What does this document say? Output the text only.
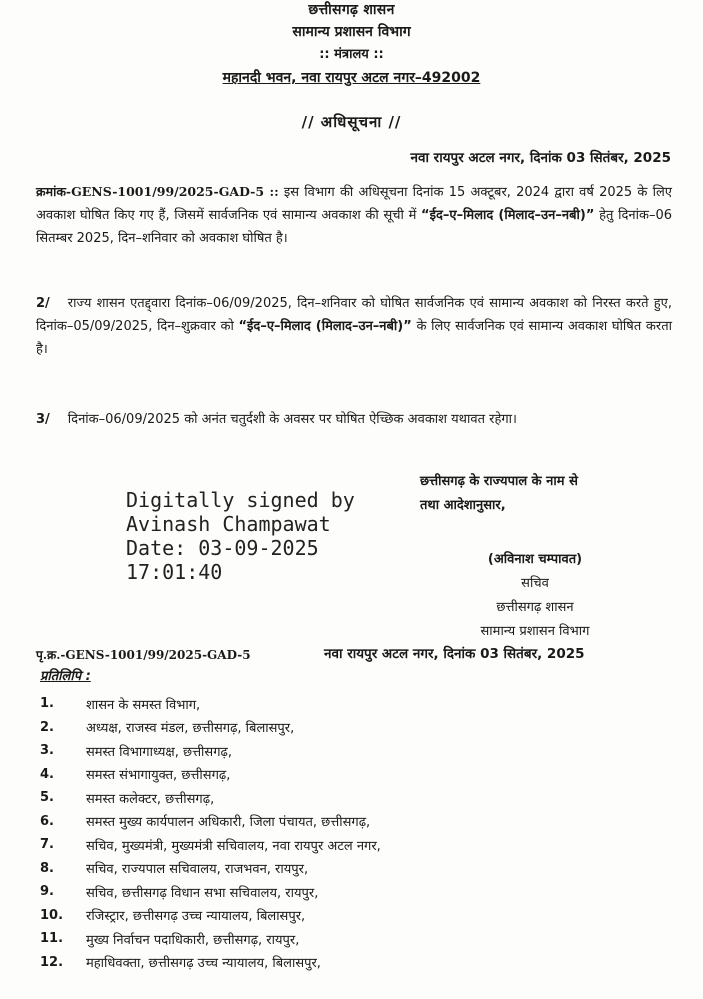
छत्तीसगढ़ शासन
सामान्य प्रशासन विभाग
:: मंत्रालय ::
महानदी भवन, नवा रायपुर अटल नगर–492002
// अधिसूचना //
नवा रायपुर अटल नगर, दिनांक 03 सितंबर, 2025
क्रमांक-GENS-1001/99/2025-GAD-5 :: इस विभाग की अधिसूचना दिनांक 15 अक्टूबर, 2024 द्वारा वर्ष 2025 के लिए अवकाश घोषित किए गए हैं, जिसमें सार्वजनिक एवं सामान्य अवकाश की सूची में “ईद–ए–मिलाद (मिलाद–उन–नबी)” हेतु दिनांक–06 सितम्बर 2025, दिन–शनिवार को अवकाश घोषित है।
2/ राज्य शासन एतद्द्वारा दिनांक–06/09/2025, दिन–शनिवार को घोषित सार्वजनिक एवं सामान्य अवकाश को निरस्त करते हुए, दिनांक–05/09/2025, दिन–शुक्रवार को “ईद–ए–मिलाद (मिलाद–उन–नबी)” के लिए सार्वजनिक एवं सामान्य अवकाश घोषित करता है।
3/ दिनांक–06/09/2025 को अनंत चतुर्दशी के अवसर पर घोषित ऐच्छिक अवकाश यथावत रहेगा।
छत्तीसगढ़ के राज्यपाल के नाम से
तथा आदेशानुसार,
Digitally signed by
Avinash Champawat
Date: 03-09-2025
17:01:40
(अविनाश चम्पावत)
सचिव
छत्तीसगढ़ शासन
सामान्य प्रशासन विभाग
पृ.क्र.-GENS-1001/99/2025-GAD-5	नवा रायपुर अटल नगर, दिनांक 03 सितंबर, 2025
प्रतिलिपि :
1.	शासन के समस्त विभाग,
2.	अध्यक्ष, राजस्व मंडल, छत्तीसगढ़, बिलासपुर,
3.	समस्त विभागाध्यक्ष, छत्तीसगढ़,
4.	समस्त संभागायुक्त, छत्तीसगढ़,
5.	समस्त कलेक्टर, छत्तीसगढ़,
6.	समस्त मुख्य कार्यपालन अधिकारी, जिला पंचायत, छत्तीसगढ़,
7.	सचिव, मुख्यमंत्री, मुख्यमंत्री सचिवालय, नवा रायपुर अटल नगर,
8.	सचिव, राज्यपाल सचिवालय, राजभवन, रायपुर,
9.	सचिव, छत्तीसगढ़ विधान सभा सचिवालय, रायपुर,
10.	रजिस्ट्रार, छत्तीसगढ़ उच्च न्यायालय, बिलासपुर,
11.	मुख्य निर्वाचन पदाधिकारी, छत्तीसगढ़, रायपुर,
12.	महाधिवक्ता, छत्तीसगढ़ उच्च न्यायालय, बिलासपुर,
